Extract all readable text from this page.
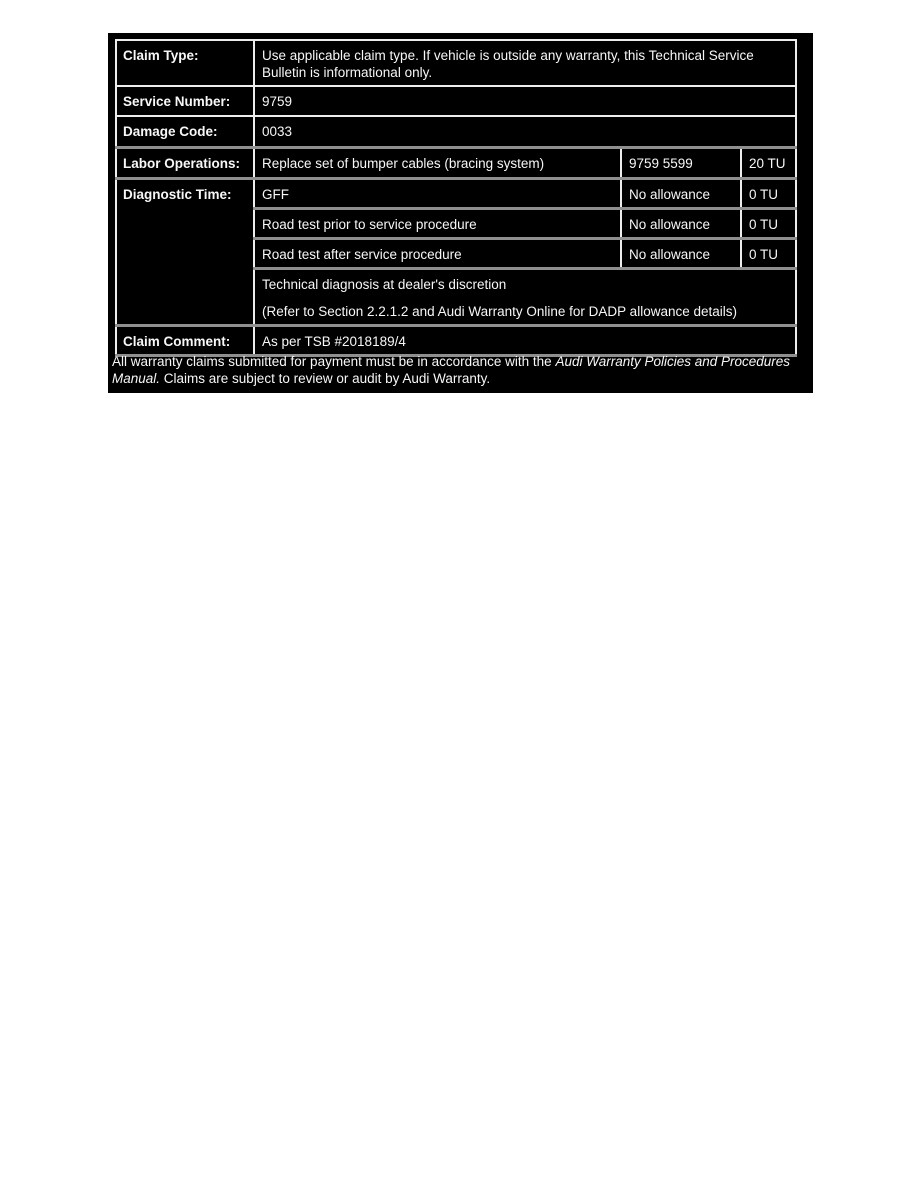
Claim Type:	Use applicable claim type. If vehicle is outside any warranty, this Technical Service Bulletin is informational only.		
Service Number:	9759		
Damage Code:	0033		
Labor Operations:	Replace set of bumper cables (bracing system)	9759 5599	20 TU
Diagnostic Time:	GFF	No allowance	0 TU
	Road test prior to service procedure	No allowance	0 TU
	Road test after service procedure	No allowance	0 TU

	Technical diagnosis at dealer's discretion
(Refer to Section 2.2.1.2 and Audi Warranty Online for DADP allowance details)		

Claim Comment:	As per TSB #2018189/4		

All warranty claims submitted for payment must be in accordance with the Audi Warranty Policies and Procedures Manual. Claims are subject to review or audit by Audi Warranty.
